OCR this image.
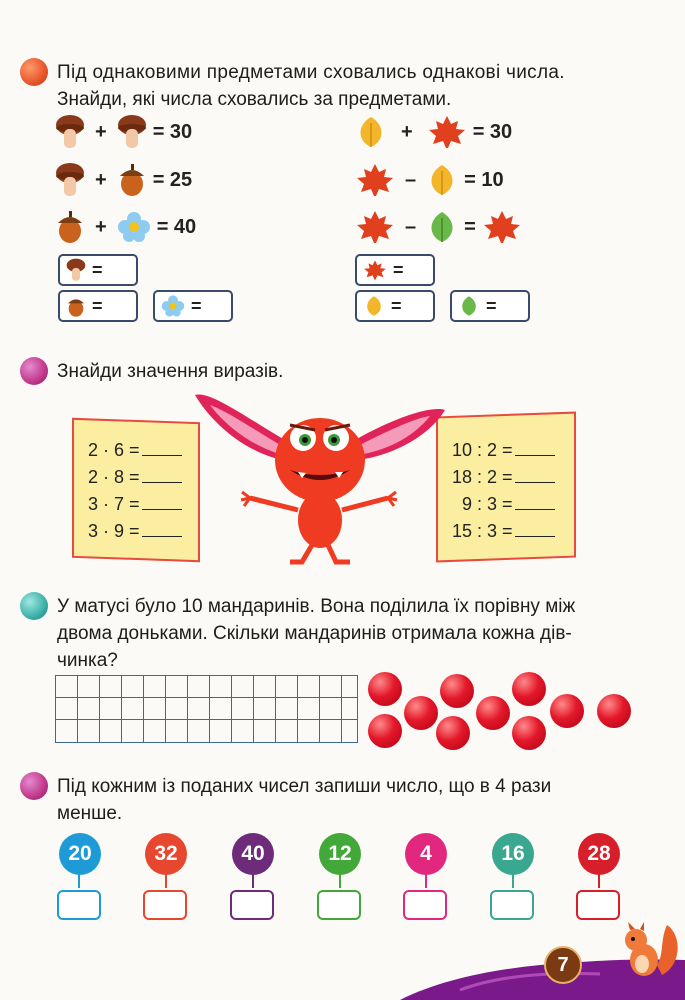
Під однаковими предметами сховались однакові числа.
Знайди, які числа сховались за предметами.
+ = 30
+ = 25
+	= 40
+	= 30
– = 10
– =
=
=	=
=
=	=
Знайди значення виразів.
2 · 6 =
2 · 8 =
3 · 7 =
3 · 9 =
10 : 2 =
18 : 2 =
9 : 3 =
15 : 3 =
У матусі було 10 мандаринів. Вона поділила їх порівну між
двома доньками. Скільки мандаринів отримала кожна дів-
чинка?
Під кожним із поданих чисел запиши число, що в 4 рази
менше.
20	32	40	12	4	16	28
7
